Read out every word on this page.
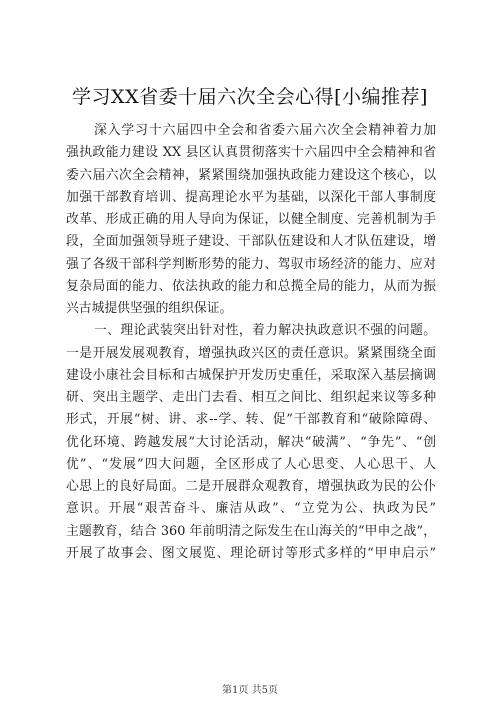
学习XX省委十届六次全会心得[小编推荐]
深入学习十六届四中全会和省委六届六次全会精神着力加
强执政能力建设 XX 县区认真贯彻落实十六届四中全会精神和省
委六届六次全会精神，紧紧围绕加强执政能力建设这个核心，以
加强干部教育培训、提高理论水平为基础，以深化干部人事制度
改革、形成正确的用人导向为保证，以健全制度、完善机制为手
段，全面加强领导班子建设、干部队伍建设和人才队伍建设，增
强了各级干部科学判断形势的能力、驾驭市场经济的能力、应对
复杂局面的能力、依法执政的能力和总揽全局的能力，从而为振
兴古城提供坚强的组织保证。
一、理论武装突出针对性，着力解决执政意识不强的问题。
一是开展发展观教育，增强执政兴区的责任意识。紧紧围绕全面
建设小康社会目标和古城保护开发历史重任，采取深入基层摘调
研、突出主题学、走出门去看、相互之间比、组织起来议等多种
形式，开展“树、讲、求--学、转、促”干部教育和“破除障碍、
优化环境、跨越发展”大讨论活动，解决“破满”、“争先”、“创
优”、“发展”四大问题，全区形成了人心思变、人心思干、人
心思上的良好局面。二是开展群众观教育，增强执政为民的公仆
意识。开展“艰苦奋斗、廉洁从政”、“立党为公、执政为民”
主题教育，结合 360 年前明清之际发生在山海关的“甲申之战”，
开展了故事会、图文展览、理论研讨等形式多样的“甲申启示”
第1页 共5页
